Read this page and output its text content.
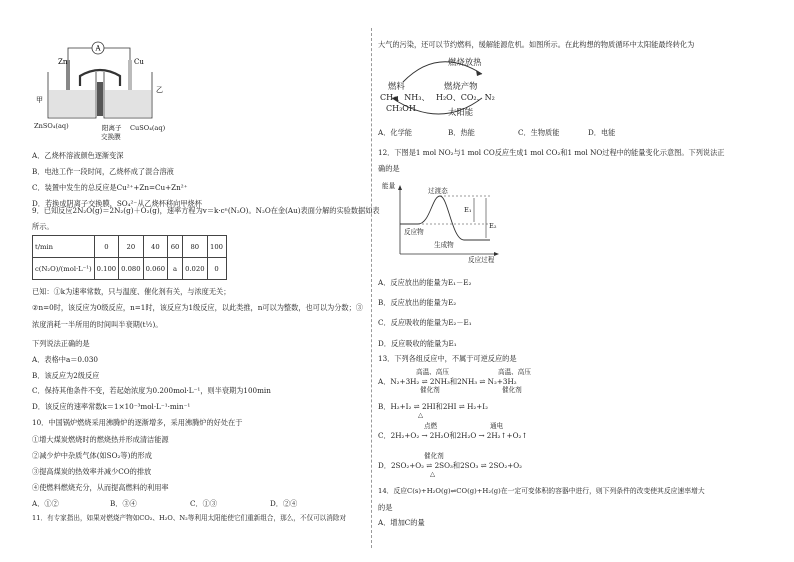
A
Zn	Cu
甲
乙
阳离子
交换膜
ZnSO₄(aq)	CuSO₄(aq)
A．乙烧杯溶液颜色逐渐变深
B．电池工作一段时间，乙烧杯成了混合溶液
C．装置中发生的总反应是Cu²⁺+Zn=Cu+Zn²⁺
D．若换成阴离子交换膜，SO₄²⁻从乙烧杯移向甲烧杯
9．已知反应2N₂O(g)＝2N₂(g)＋O₂(g)，速率方程为v＝k·cⁿ(N₂O)。N₂O在金(Au)表面分解的实验数据如表
所示。
t/min	0	20	40	60	80	100
c(N₂O)/(mol·L⁻¹)	0.100	0.080	0.060	a	0.020	0
已知：①k为速率常数，只与温度、催化剂有关，与浓度无关；
②n=0时，该反应为0级反应，n=1时，该反应为1级反应，以此类推，n可以为整数，也可以为分数；③
浓度消耗一半所用的时间叫半衰期(t½)。
下列说法正确的是
A．表格中a＝0.030
B．该反应为2级反应
C．保持其他条件不变，若起始浓度为0.200mol·L⁻¹，则半衰期为100min
D．该反应的速率常数k＝1×10⁻³mol·L⁻¹·min⁻¹
10．中国锅炉燃烧采用沸腾炉的逐渐增多，采用沸腾炉的好处在于
①增大煤炭燃烧时的燃烧热并形成清洁能源
②减少炉中杂质气体(如SO₂等)的形成
③提高煤炭的热效率并减少CO的排放
④使燃料燃烧充分，从而提高燃料的利用率
A．①②	B．③④	C．①③	D．②④
11．有专家指出，如果对燃烧产物如CO₂、H₂O、N₂等利用太阳能使它们重新组合，那么，不仅可以消除对
大气的污染，还可以节约燃料，缓解能源危机。如图所示。在此构想的物质循环中太阳能最终转化为
燃烧放热
燃料
CH₄、NH₃、
CH₃OH
燃烧产物
H₂O、CO₂、N₂
太阳能
A．化学能	B．热能	C．生物质能	D．电能
12．下图是1 mol NO₂与1 mol CO反应生成1 mol CO₂和1 mol NO过程中的能量变化示意图。下列说法正
确的是
能量
过渡态
E₁
E₂
反应物
生成物
反应过程
A．反应放出的能量为E₁－E₂
B．反应放出的能量为E₂
C．反应吸收的能量为E₂－E₁
D．反应吸收的能量为E₁
13．下列各组反应中，不属于可逆反应的是
高温、高压	高温、高压
A．N₂+3H₂ ⇌ 2NH₃和2NH₃ ⇌ N₂+3H₂
催化剂	催化剂
B．H₂+I₂ ⇌ 2HI和2HI ⇌ H₂+I₂
△
点燃	通电
C．2H₂+O₂ → 2H₂O和2H₂O → 2H₂↑+O₂↑
催化剂
D．2SO₂+O₂ ⇌ 2SO₃和2SO₃ ⇌ 2SO₂+O₂
△
14．反应C(s)+H₂O(g)⇌CO(g)+H₂(g)在一定可变体积的容器中进行，则下列条件的改变使其反应速率增大
的是
A．增加C的量
